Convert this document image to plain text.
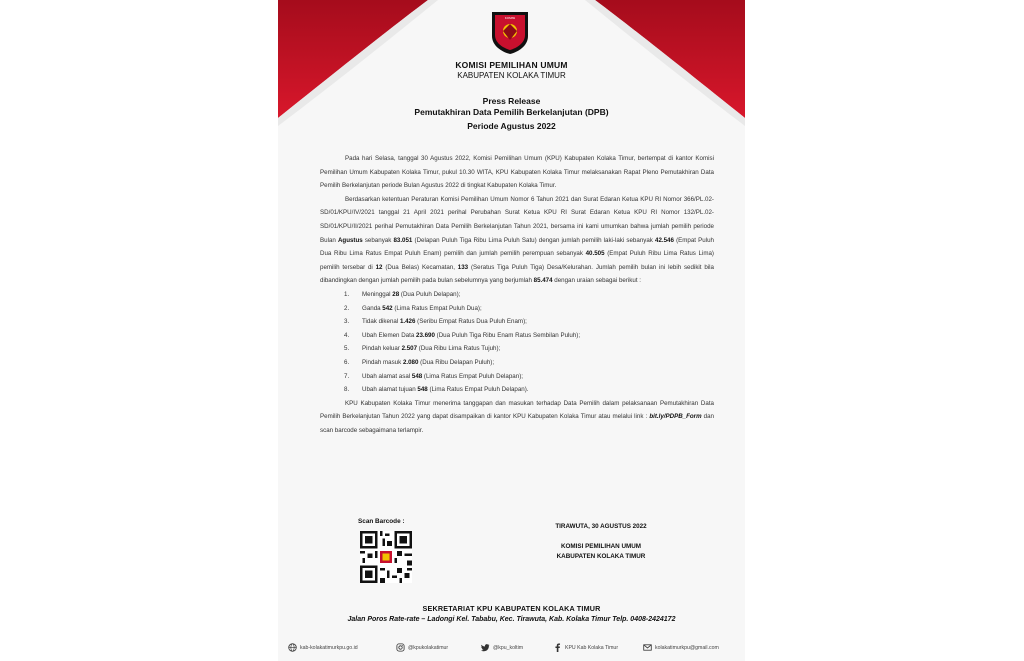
KOMISI
KOMISI PEMILIHAN UMUM
KABUPATEN KOLAKA TIMUR
Press Release
Pemutakhiran Data Pemilih Berkelanjutan (DPB)
Periode Agustus 2022

Pada hari Selasa, tanggal 30 Agustus 2022, Komisi Pemilihan Umum (KPU) Kabupaten Kolaka Timur, bertempat di kantor Komisi Pemilihan Umum Kabupaten Kolaka Timur, pukul 10.30 WITA, KPU Kabupaten Kolaka Timur melaksanakan Rapat Pleno Pemutakhiran Data Pemilih Berkelanjutan periode Bulan Agustus 2022 di tingkat Kabupaten Kolaka Timur.

Berdasarkan ketentuan Peraturan Komisi Pemilihan Umum Nomor 6 Tahun 2021 dan Surat Edaran Ketua KPU RI Nomor 366/PL.02-SD/01/KPU/IV/2021 tanggal 21 April 2021 perihal Perubahan Surat Ketua KPU RI Surat Edaran Ketua KPU RI Nomor 132/PL.02-SD/01/KPU/II/2021 perihal Pemutakhiran Data Pemilih Berkelanjutan Tahun 2021, bersama ini kami umumkan bahwa jumlah pemilih periode Bulan Agustus sebanyak 83.051 (Delapan Puluh Tiga Ribu Lima Puluh Satu) dengan jumlah pemilih laki-laki sebanyak 42.546 (Empat Puluh Dua Ribu Lima Ratus Empat Puluh Enam) pemilih dan jumlah pemilih perempuan sebanyak 40.505 (Empat Puluh Ribu Lima Ratus Lima) pemilih tersebar di 12 (Dua Belas) Kecamatan, 133 (Seratus Tiga Puluh Tiga) Desa/Kelurahan. Jumlah pemilih bulan ini lebih sedikit bila dibandingkan dengan jumlah pemilih pada bulan sebelumnya yang berjumlah 85.474 dengan uraian sebagai berikut :

1. Meninggal 28 (Dua Puluh Delapan);
2. Ganda 542 (Lima Ratus Empat Puluh Dua);
3. Tidak dikenal 1.426 (Seribu Empat Ratus Dua Puluh Enam);
4. Ubah Elemen Data 23.690 (Dua Puluh Tiga Ribu Enam Ratus Sembilan Puluh);
5. Pindah keluar 2.507 (Dua Ribu Lima Ratus Tujuh);
6. Pindah masuk 2.080 (Dua Ribu Delapan Puluh);
7. Ubah alamat asal 548 (Lima Ratus Empat Puluh Delapan);
8. Ubah alamat tujuan 548 (Lima Ratus Empat Puluh Delapan).

KPU Kabupaten Kolaka Timur menerima tanggapan dan masukan terhadap Data Pemilih dalam pelaksanaan Pemutakhiran Data Pemilih Berkelanjutan Tahun 2022 yang dapat disampaikan di kantor KPU Kabupaten Kolaka Timur atau melalui link : bit.ly/PDPB_Form dan scan barcode sebagaimana terlampir.

Scan Barcode :
TIRAWUTA, 30 AGUSTUS 2022
KOMISI PEMILIHAN UMUM
KABUPATEN KOLAKA TIMUR
SEKRETARIAT KPU KABUPATEN KOLAKA TIMUR
Jalan Poros Rate-rate – Ladongi Kel. Tababu, Kec. Tirawuta, Kab. Kolaka Timur Telp. 0408-2424172
kab-kolakatimurkpu.go.id	@kpukolakatimur	@kpu_koltim	KPU Kab Kolaka Timur	kolakatimurkpu@gmail.com
